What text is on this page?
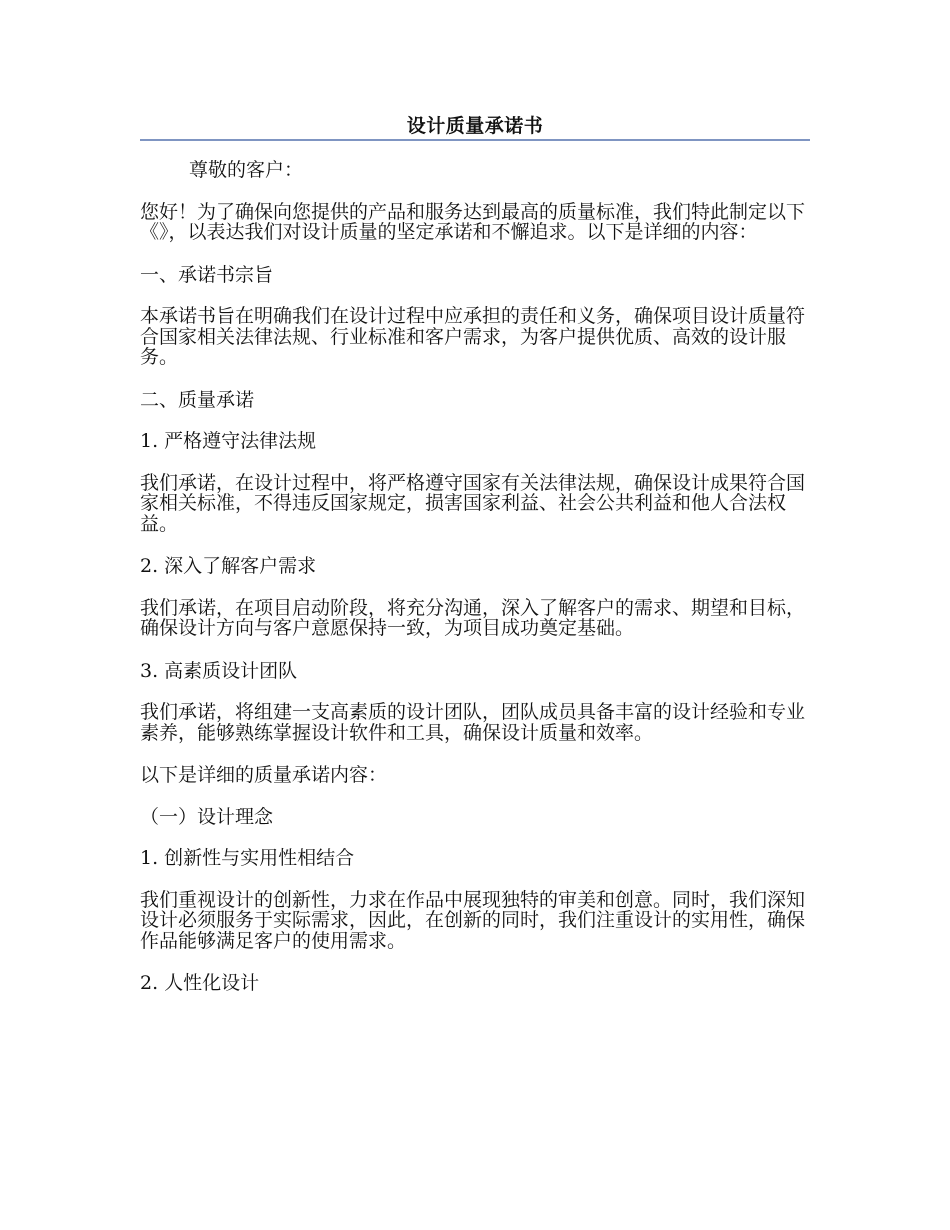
设计质量承诺书

尊敬的客户：

您好！为了确保向您提供的产品和服务达到最高的质量标准，我们特此制定以下《》，以表达我们对设计质量的坚定承诺和不懈追求。以下是详细的内容：

一、承诺书宗旨

本承诺书旨在明确我们在设计过程中应承担的责任和义务，确保项目设计质量符合国家相关法律法规、行业标准和客户需求，为客户提供优质、高效的设计服务。

二、质量承诺

1. 严格遵守法律法规

我们承诺，在设计过程中，将严格遵守国家有关法律法规，确保设计成果符合国家相关标准，不得违反国家规定，损害国家利益、社会公共利益和他人合法权益。

2. 深入了解客户需求

我们承诺，在项目启动阶段，将充分沟通，深入了解客户的需求、期望和目标，确保设计方向与客户意愿保持一致，为项目成功奠定基础。

3. 高素质设计团队

我们承诺，将组建一支高素质的设计团队，团队成员具备丰富的设计经验和专业素养，能够熟练掌握设计软件和工具，确保设计质量和效率。

以下是详细的质量承诺内容：

（一）设计理念

1. 创新性与实用性相结合

我们重视设计的创新性，力求在作品中展现独特的审美和创意。同时，我们深知设计必须服务于实际需求，因此，在创新的同时，我们注重设计的实用性，确保作品能够满足客户的使用需求。

2. 人性化设计
